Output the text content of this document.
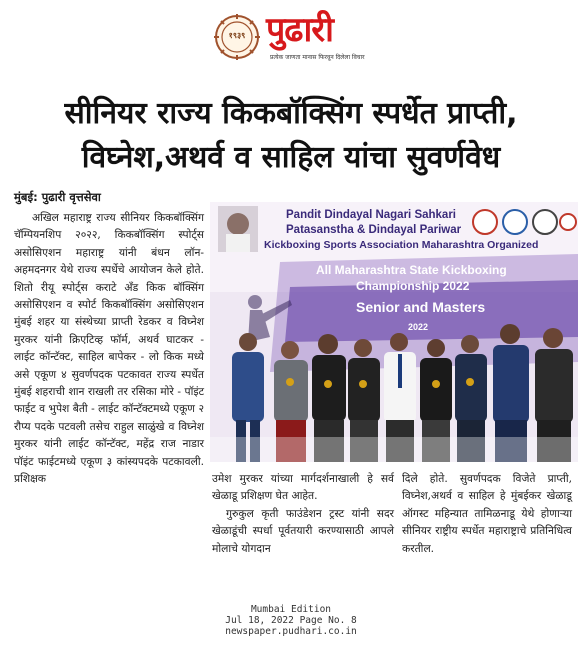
१९३९ पुढारी
प्रत्येक जाणता मानास फिरवून दिलेला विचार
सीनियर राज्य किकबॉक्सिंग स्पर्धेत प्राप्ती,
विघ्नेश,अथर्व व साहिल यांचा सुवर्णवेध
मुंबई: पुढारी वृत्तसेवा
अखिल महाराष्ट्र राज्य सीनियर किकबॉक्सिंग चॅम्पियनशिप २०२२, किकबॉक्सिंग स्पोर्ट्स असोसिएशन महाराष्ट्र यांनी बंधन लॉन- अहमदनगर येथे राज्य स्पर्धेचे आयोजन केले होते. शितो रीयू स्पोर्ट्स कराटे अँड किक बॉक्सिंग असोसिएशन व स्पोर्ट किकबॉक्सिंग असोसिएशन मुंबई शहर या संस्थेच्या प्राप्ती रेडकर व विघ्नेश मुरकर यांनी क्रिएटिव्ह फॉर्म, अथर्व घाटकर - लाईट कॉन्टॅक्ट, साहिल बापेकर - लो किक मध्ये असे एकूण ४ सुवर्णपदक पटकावत राज्य स्पर्धेत मुंबई शहराची शान राखली तर रसिका मोरे - पॉइंट फाईट व भुपेश बैती - लाईट कॉन्टॅक्टमध्ये एकूण २ रौप्य पदके पटवली तसेच राहुल साळुंखे व विघ्नेश मुरकर यांनी लाईट कॉन्टॅक्ट, महेंद्र राज नाडार पॉइंट फाईटमध्ये एकूण ३ कांस्यपदके पटकावली. प्रशिक्षक
Pandit Dindayal Nagari Sahkari
Patasanstha & Dindayal Pariwar
Kickboxing Sports Association Maharashtra Organized
All Maharashtra State Kickboxing
Championship 2022
Senior and Masters
2022

उमेश मुरकर यांच्या मार्गदर्शनाखाली हे सर्व खेळाडू प्रशिक्षण घेत आहेत.

गुरुकुल कृती फाउंडेशन ट्रस्ट यांनी सदर खेळाडूंची स्पर्धा पूर्वतयारी करण्यासाठी आपले मोलाचे योगदान

दिले होते. सुवर्णपदक विजेते प्राप्ती, विघ्नेश,अथर्व व साहिल हे मुंबईकर खेळाडू ऑगस्ट महिन्यात तामिळनाडू येथे होणाऱ्या सीनियर राष्ट्रीय स्पर्धेत महाराष्ट्राचे प्रतिनिधित्व करतील.

Mumbai Edition
Jul 18, 2022 Page No. 8
newspaper.pudhari.co.in
